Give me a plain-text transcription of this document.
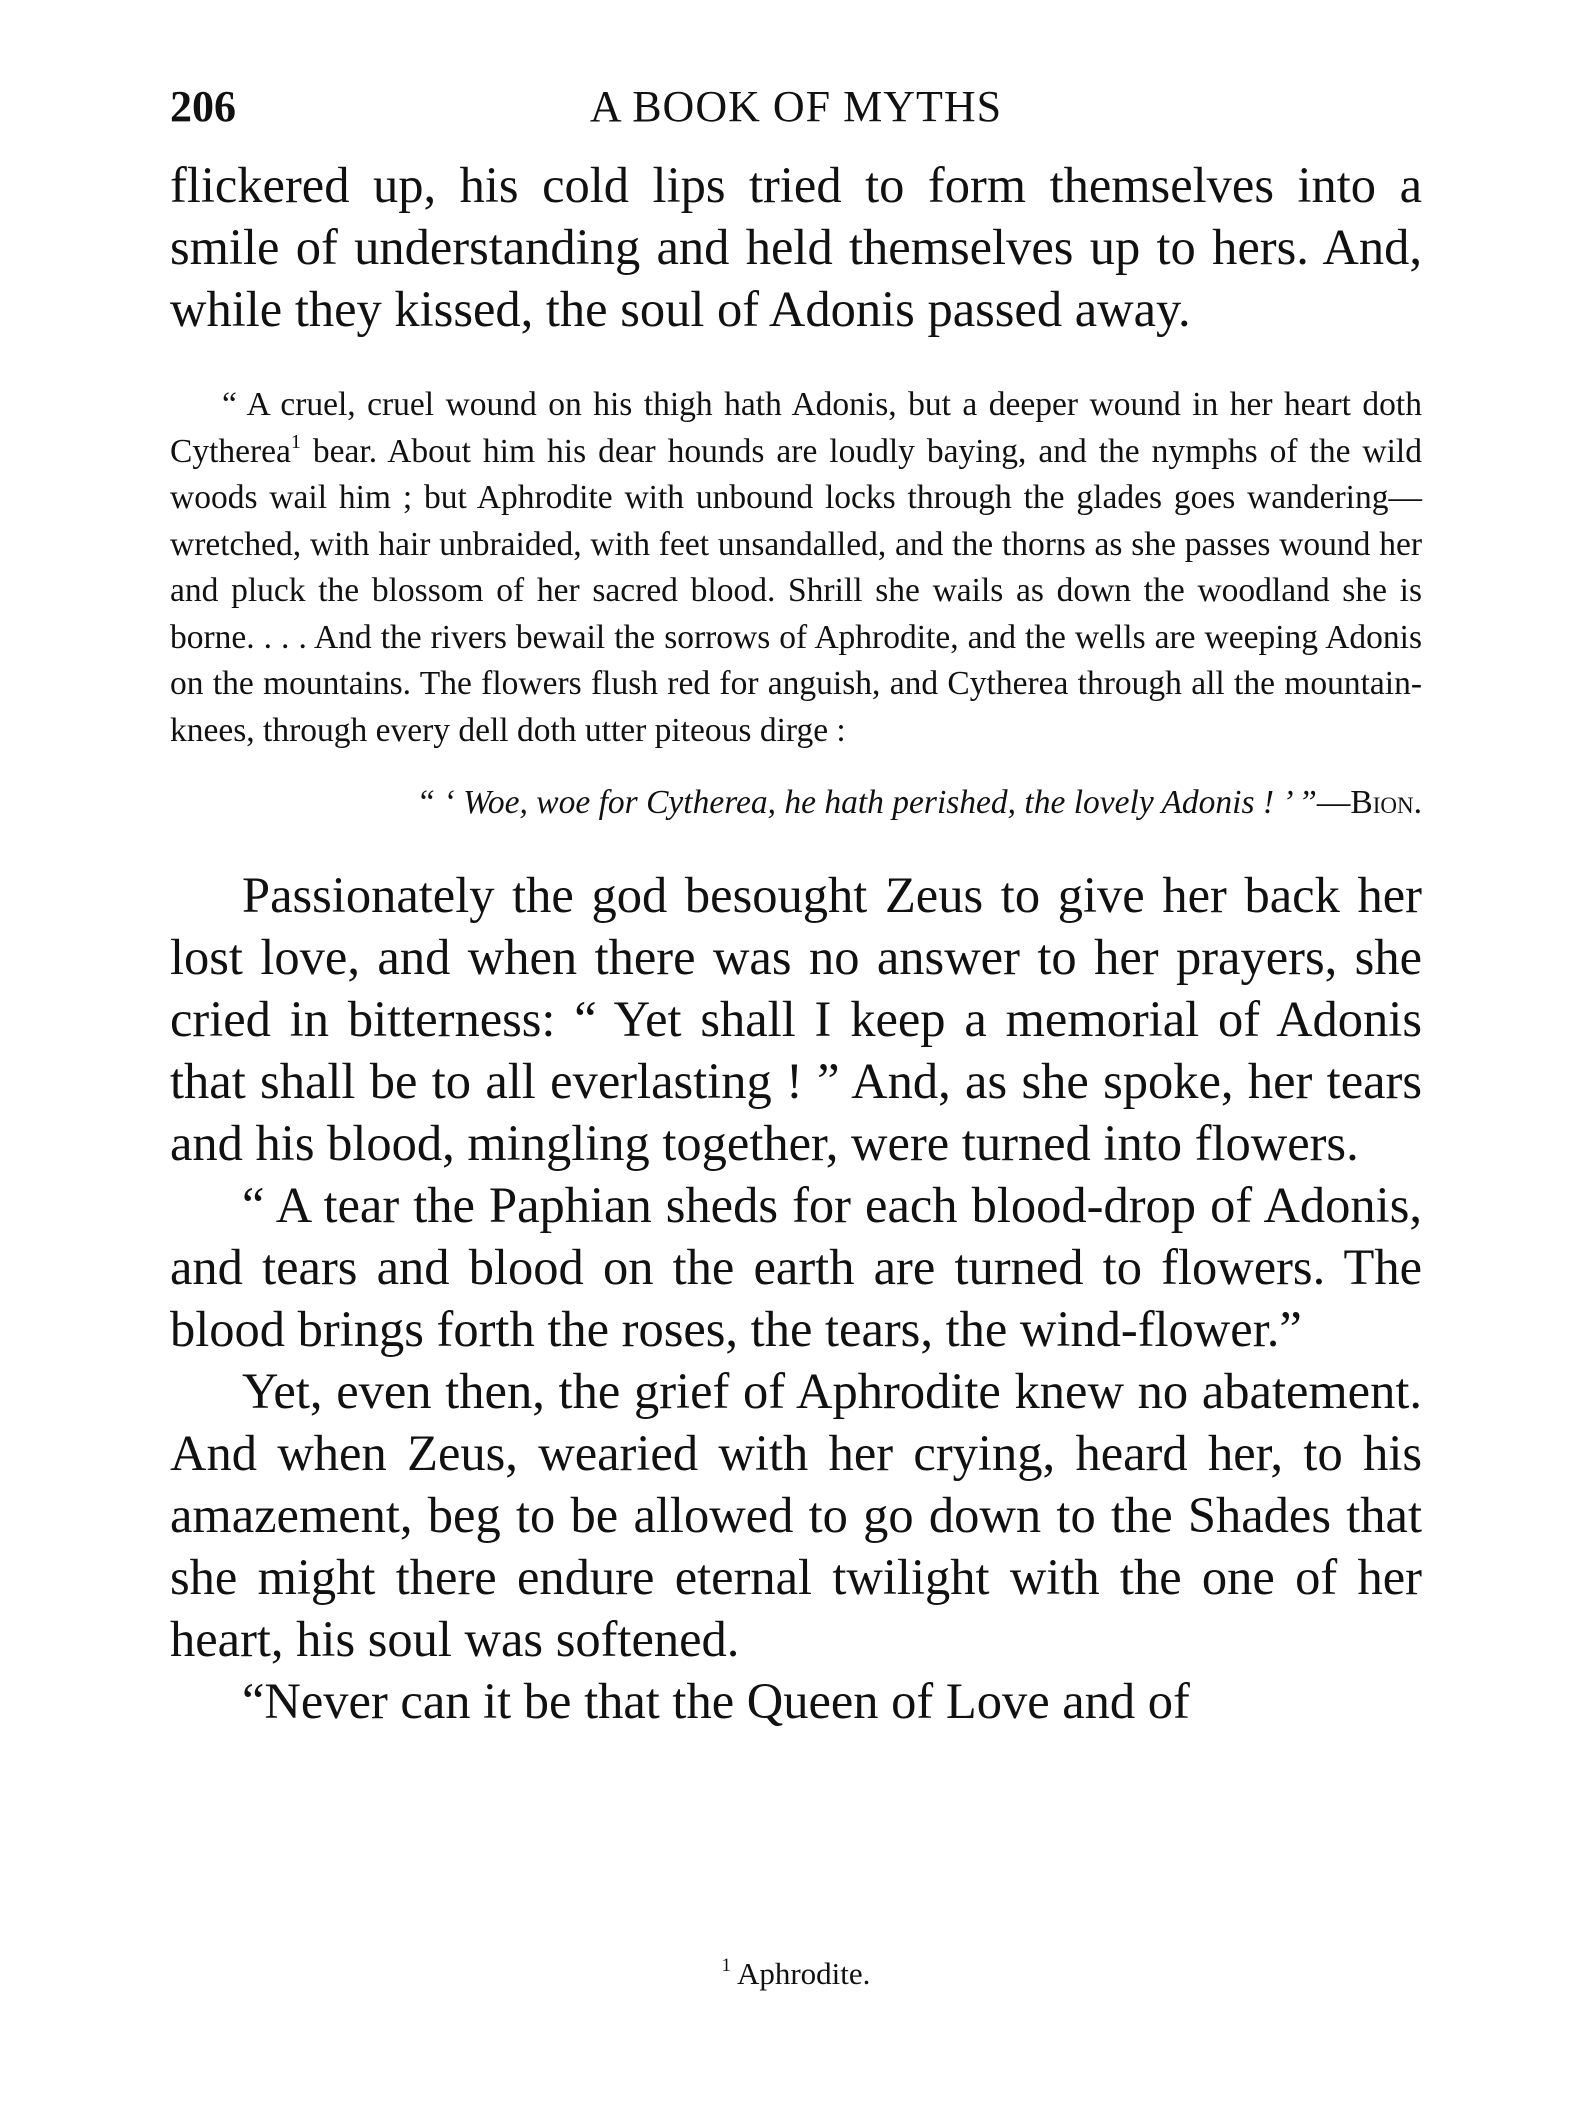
206	A BOOK OF MYTHS

flickered up, his cold lips tried to form themselves into a smile of understanding and held themselves up to hers. And, while they kissed, the soul of Adonis passed away.

“ A cruel, cruel wound on his thigh hath Adonis, but a deeper wound in her heart doth Cytherea$^1$ bear. About him his dear hounds are loudly baying, and the nymphs of the wild woods wail him ; but Aphrodite with unbound locks through the glades goes wandering—wretched, with hair unbraided, with feet unsandalled, and the thorns as she passes wound her and pluck the blossom of her sacred blood. Shrill she wails as down the woodland she is borne. . . . And the rivers bewail the sorrows of Aphrodite, and the wells are weeping Adonis on the mountains. The flowers flush red for anguish, and Cytherea through all the mountain-knees, through every dell doth utter piteous dirge :

“ ‘ Woe, woe for Cytherea, he hath perished, the lovely Adonis ! ’ ”—Bion.

Passionately the god besought Zeus to give her back her lost love, and when there was no answer to her prayers, she cried in bitterness: “ Yet shall I keep a memorial of Adonis that shall be to all everlasting ! ” And, as she spoke, her tears and his blood, mingling together, were turned into flowers.

“ A tear the Paphian sheds for each blood-drop of Adonis, and tears and blood on the earth are turned to flowers. The blood brings forth the roses, the tears, the wind-flower.”

Yet, even then, the grief of Aphrodite knew no abatement. And when Zeus, wearied with her crying, heard her, to his amazement, beg to be allowed to go down to the Shades that she might there endure eternal twilight with the one of her heart, his soul was softened.

“Never can it be that the Queen of Love and of

$^1$ Aphrodite.
